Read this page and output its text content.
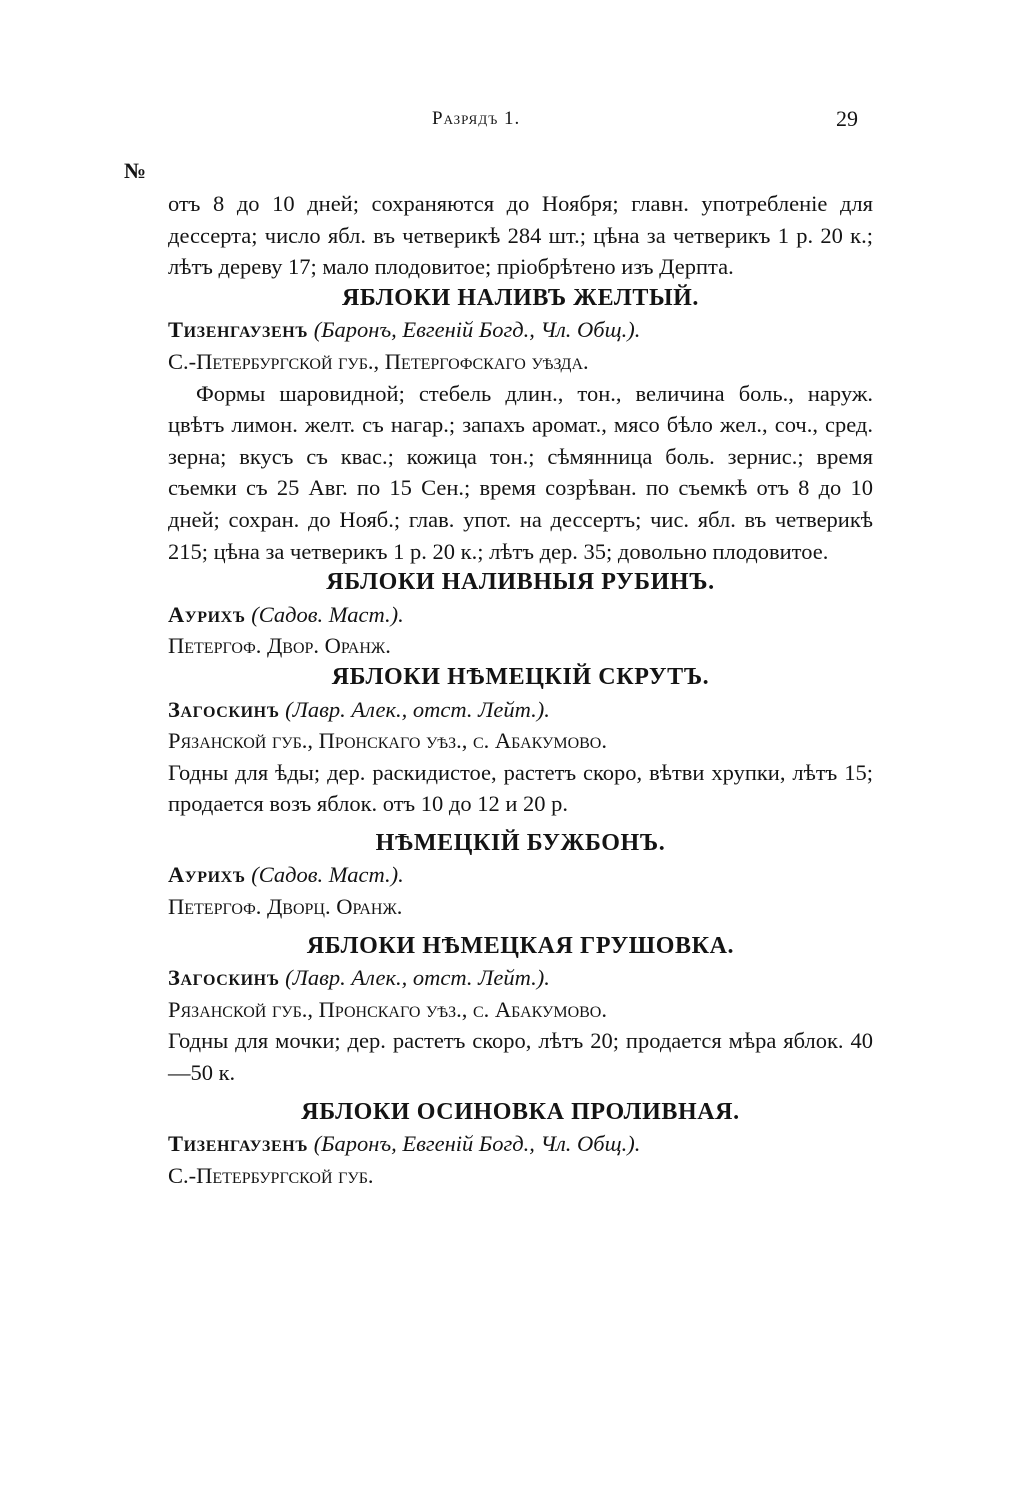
Разрядъ 1.	29
№

отъ 8 до 10 дней; сохраняются до Ноября; главн. употребленіе для дессерта; число ябл. въ четверикѣ 284 шт.; цѣна за четверикъ 1 р. 20 к.; лѣтъ дереву 17; мало плодовитое; пріобрѣтено изъ Дерпта.

ЯБЛОКИ НАЛИВЪ ЖЕЛТЫЙ.

Тизенгаузенъ (Баронъ, Евгеній Богд., Чл. Общ.).

С.-Петербургской губ., Петергофскаго уѣзда.

Формы шаровидной; стебель длин., тон., величина боль., наруж. цвѣтъ лимон. желт. съ нагар.; запахъ аромат., мясо бѣло жел., соч., сред. зерна; вкусъ съ квас.; кожица тон.; сѣмянница боль. зернис.; время съемки съ 25 Авг. по 15 Сен.; время созрѣван. по съемкѣ отъ 8 до 10 дней; сохран. до Нояб.; глав. упот. на дессертъ; чис. ябл. въ четверикѣ 215; цѣна за четверикъ 1 р. 20 к.; лѣтъ дер. 35; довольно плодовитое.

ЯБЛОКИ НАЛИВНЫЯ РУБИНЪ.

Аурихъ (Садов. Маст.).

Петергоф. Двор. Оранж.

ЯБЛОКИ НѢМЕЦКІЙ СКРУТЪ.

Загоскинъ (Лавр. Алек., отст. Лейт.).

Рязанской губ., Пронскаго уѣз., с. Абакумово.

Годны для ѣды; дер. раскидистое, растетъ скоро, вѣтви хрупки, лѣтъ 15; продается возъ яблок. отъ 10 до 12 и 20 р.

НѢМЕЦКІЙ БУЖБОНЪ.

Аурихъ (Садов. Маст.).

Петергоф. Дворц. Оранж.

ЯБЛОКИ НѢМЕЦКАЯ ГРУШОВКА.

Загоскинъ (Лавр. Алек., отст. Лейт.).

Рязанской губ., Пронскаго уѣз., с. Абакумово.

Годны для мочки; дер. растетъ скоро, лѣтъ 20; продается мѣра яблок. 40—50 к.

ЯБЛОКИ ОСИНОВКА ПРОЛИВНАЯ.

Тизенгаузенъ (Баронъ, Евгеній Богд., Чл. Общ.).

С.-Петербургской губ.
